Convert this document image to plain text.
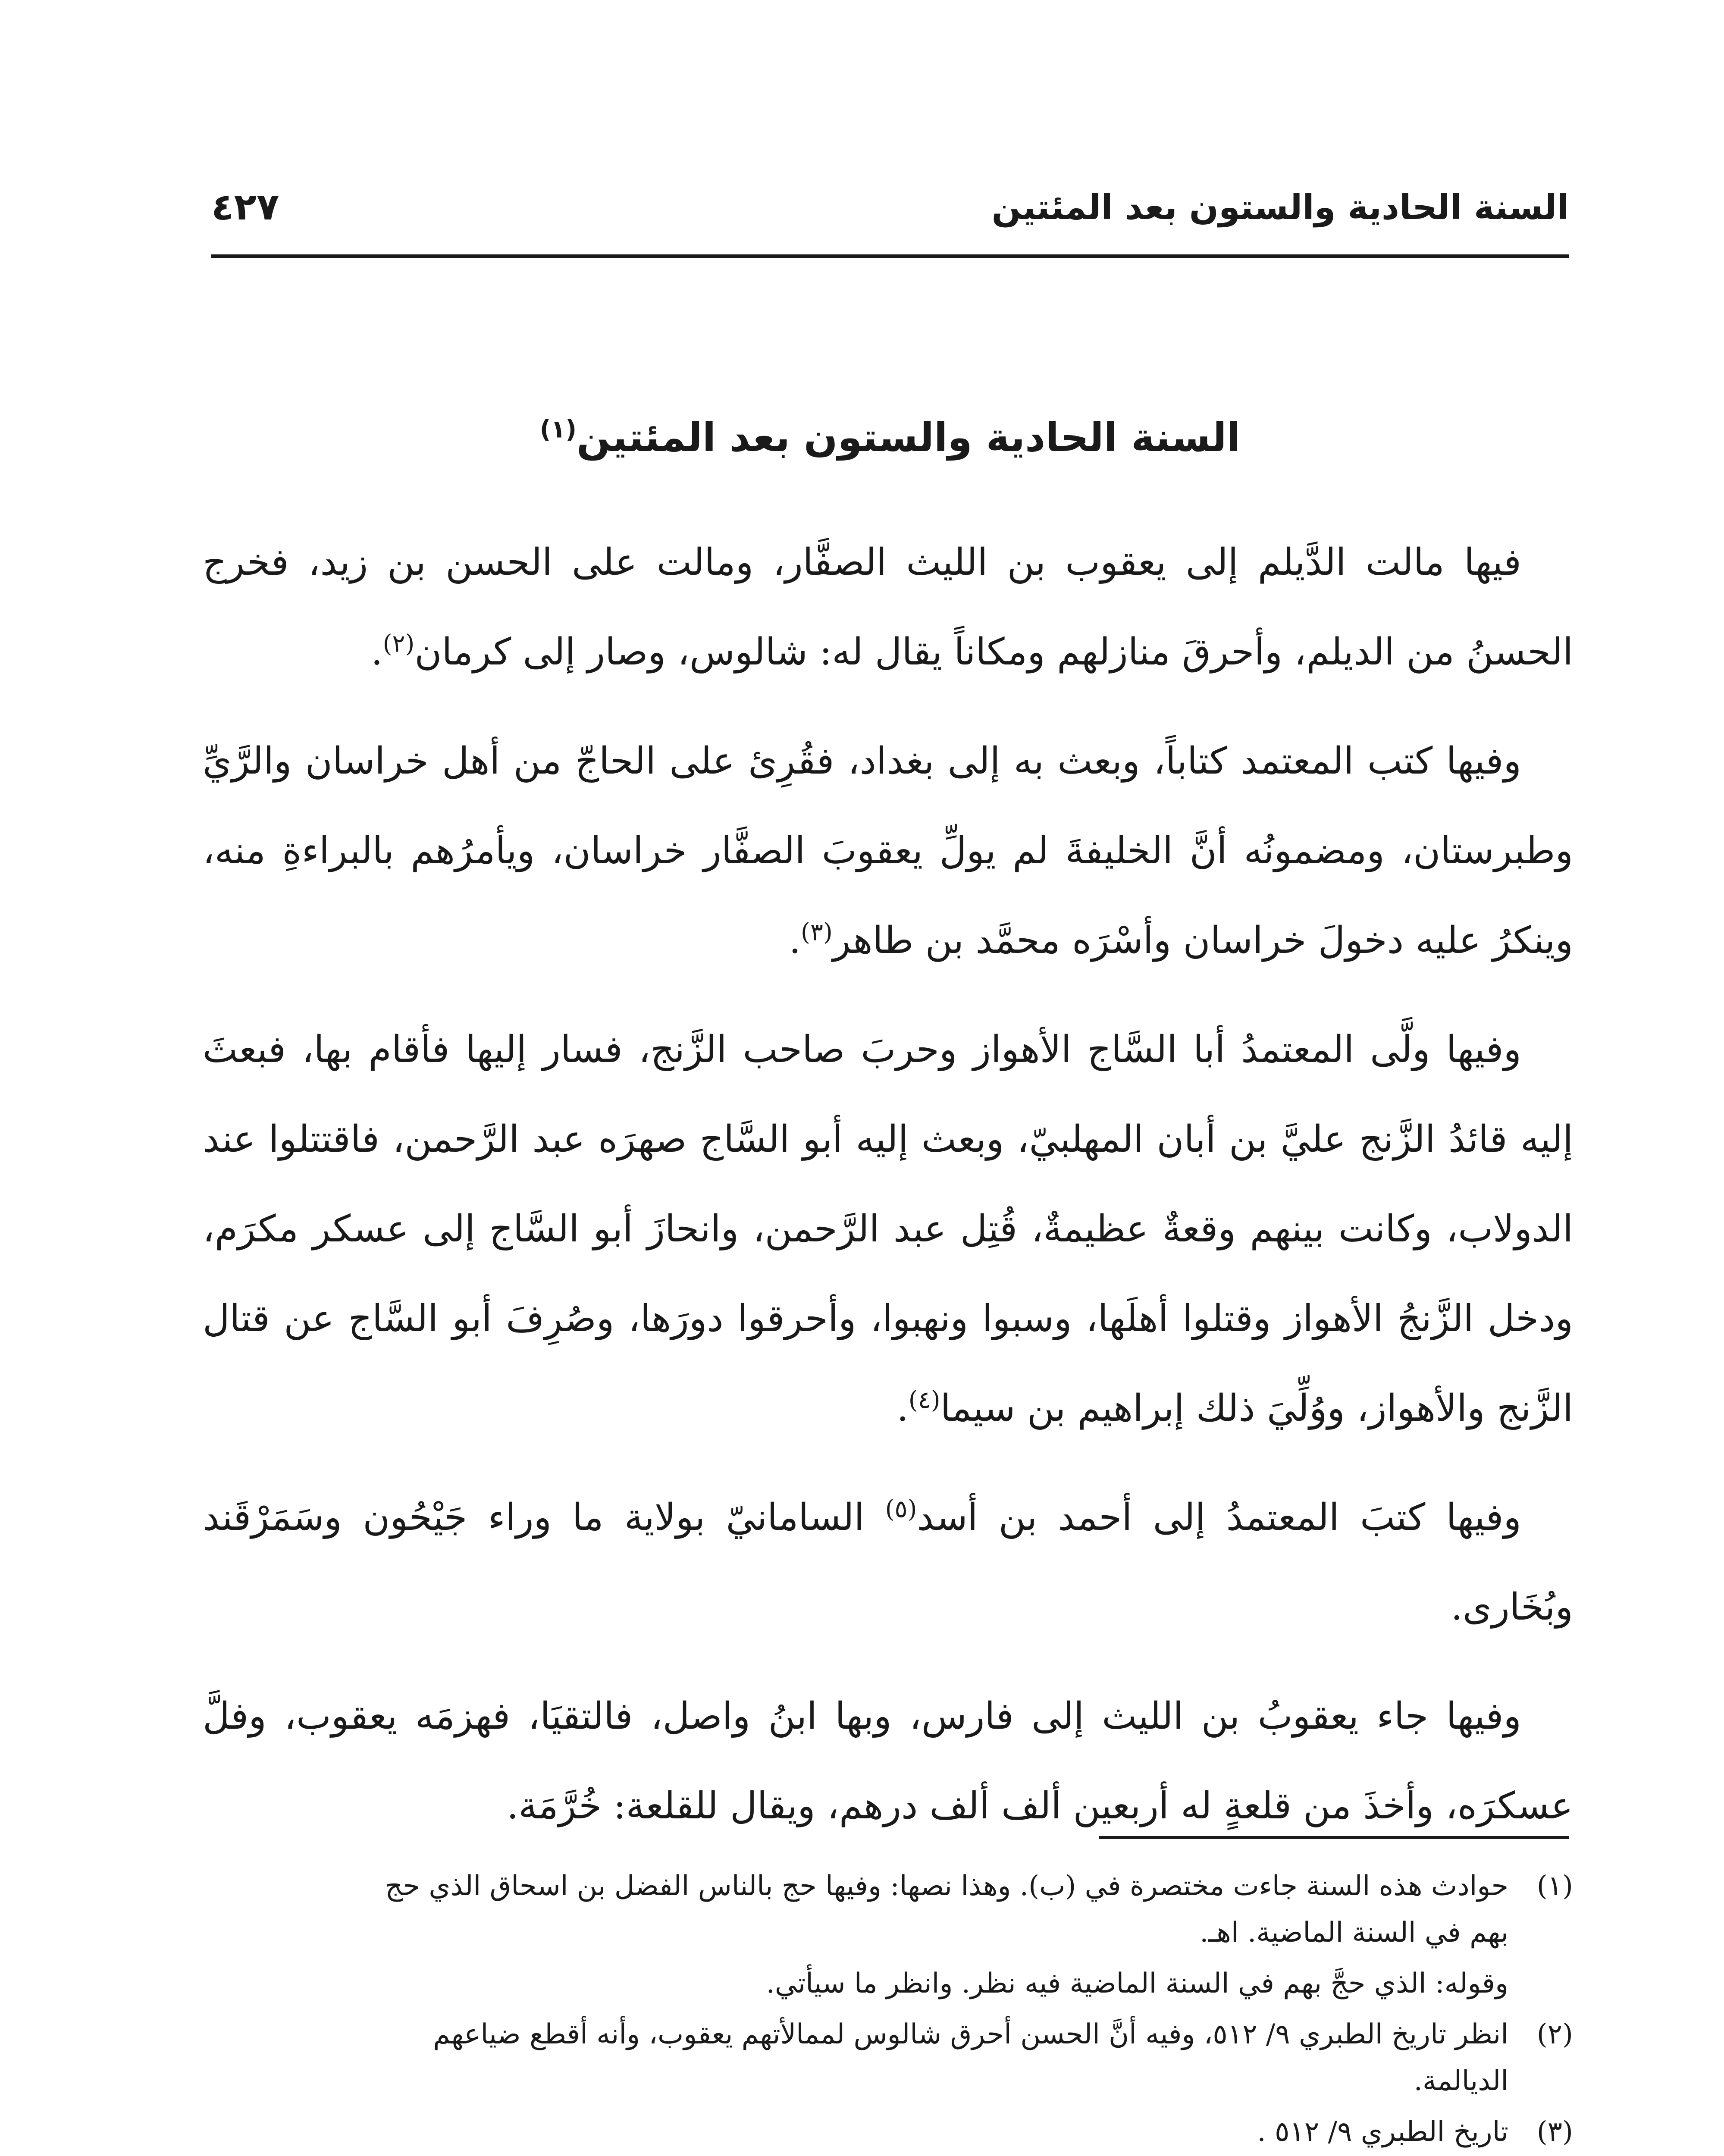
السنة الحادية والستون بعد المئتين
٤٢٧
السنة الحادية والستون بعد المئتين$^{(١)}$

فيها مالت الدَّيلم إلى يعقوب بن الليث الصفَّار، ومالت على الحسن بن زيد، فخرج الحسنُ من الديلم، وأحرقَ منازلهم ومكاناً يقال له: شالوس، وصار إلى كرمان$^{(٢)}$.

وفيها كتب المعتمد كتاباً، وبعث به إلى بغداد، فقُرِئ على الحاجّ من أهل خراسان والرَّيِّ وطبرستان، ومضمونُه أنَّ الخليفةَ لم يولِّ يعقوبَ الصفَّار خراسان، ويأمرُهم بالبراءةِ منه، وينكرُ عليه دخولَ خراسان وأسْرَه محمَّد بن طاهر$^{(٣)}$.

وفيها ولَّى المعتمدُ أبا السَّاج الأهواز وحربَ صاحب الزَّنج، فسار إليها فأقام بها، فبعثَ إليه قائدُ الزَّنج عليَّ بن أبان المهلبيّ، وبعث إليه أبو السَّاج صهرَه عبد الرَّحمن، فاقتتلوا عند الدولاب، وكانت بينهم وقعةٌ عظيمةٌ، قُتِل عبد الرَّحمن، وانحازَ أبو السَّاج إلى عسكر مكرَم، ودخل الزَّنجُ الأهواز وقتلوا أهلَها، وسبوا ونهبوا، وأحرقوا دورَها، وصُرِفَ أبو السَّاج عن قتال الزَّنج والأهواز، ووُلِّيَ ذلك إبراهيم بن سيما$^{(٤)}$.

وفيها كتبَ المعتمدُ إلى أحمد بن أسد$^{(٥)}$ السامانيّ بولاية ما وراء جَيْحُون وسَمَرْقَند وبُخَارى.

وفيها جاء يعقوبُ بن الليث إلى فارس، وبها ابنُ واصل، فالتقيَا، فهزمَه يعقوب، وفلَّ عسكرَه، وأخذَ من قلعةٍ له أربعين ألف ألف درهم، ويقال للقلعة: خُرَّمَة.

(١)
حوادث هذه السنة جاءت مختصرة في (ب). وهذا نصها: وفيها حج بالناس الفضل بن اسحاق الذي حج
بهم في السنة الماضية. اهـ.
وقوله: الذي حجَّ بهم في السنة الماضية فيه نظر. وانظر ما سيأتي.
(٢)
انظر تاريخ الطبري ٩/ ٥١٢، وفيه أنَّ الحسن أحرق شالوس لممالأتهم يعقوب، وأنه أقطع ضياعهم
الديالمة.
(٣)
تاريخ الطبري ٩/ ٥١٢ .
